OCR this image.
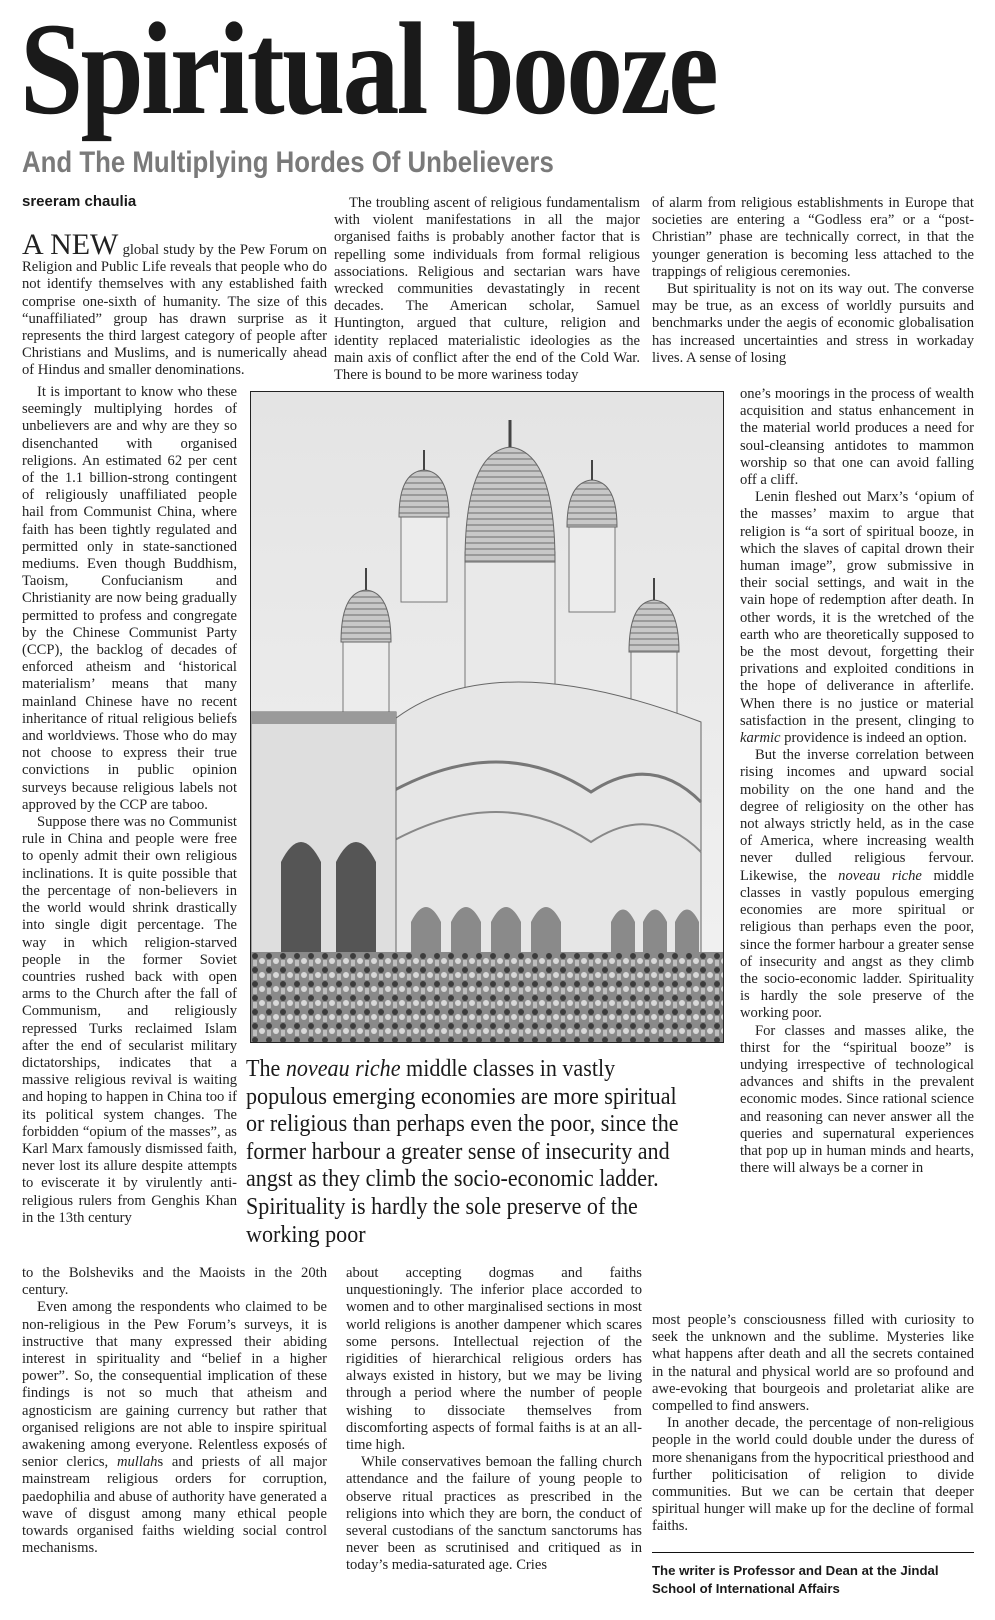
Spiritual booze
And The Multiplying Hordes Of Unbelievers
sreeram chaulia

A NEW global study by the Pew Forum on Religion and Public Life reveals that people who do not identify themselves with any established faith comprise one-sixth of humanity. The size of this “unaffiliated” group has drawn surprise as it represents the third largest category of people after Christians and Muslims, and is numerically ahead of Hindus and smaller denominations.

It is important to know who these seemingly multiplying hordes of unbelievers are and why are they so disenchanted with organised religions. An estimated 62 per cent of the 1.1 billion-strong contingent of religiously unaffiliated people hail from Communist China, where faith has been tightly regulated and permitted only in state-sanctioned mediums. Even though Buddhism, Taoism, Confucianism and Christianity are now being gradually permitted to profess and congregate by the Chinese Communist Party (CCP), the backlog of decades of enforced atheism and ‘historical materialism’ means that many mainland Chinese have no recent inheritance of ritual religious beliefs and worldviews. Those who do may not choose to express their true convictions in public opinion surveys because religious labels not approved by the CCP are taboo.

Suppose there was no Communist rule in China and people were free to openly admit their own religious inclinations. It is quite possible that the percentage of non-believers in the world would shrink drastically into single digit percentage. The way in which religion-starved people in the former Soviet countries rushed back with open arms to the Church after the fall of Communism, and religiously repressed Turks reclaimed Islam after the end of secularist military dictatorships, indicates that a massive religious revival is waiting and hoping to happen in China too if its political system changes. The forbidden “opium of the masses”, as Karl Marx famously dismissed faith, never lost its allure despite attempts to eviscerate it by virulently anti-religious rulers from Genghis Khan in the 13th century

to the Bolsheviks and the Maoists in the 20th century.

Even among the respondents who claimed to be non-religious in the Pew Forum’s surveys, it is instructive that many expressed their abiding interest in spirituality and “belief in a higher power”. So, the consequential implication of these findings is not so much that atheism and agnosticism are gaining currency but rather that organised religions are not able to inspire spiritual awakening among everyone. Relentless exposés of senior clerics, mullahs and priests of all major mainstream religious orders for corruption, paedophilia and abuse of authority have generated a wave of disgust among many ethical people towards organised faiths wielding social control mechanisms.

The troubling ascent of religious fundamentalism with violent manifestations in all the major organised faiths is probably another factor that is repelling some individuals from formal religious associations. Religious and sectarian wars have wrecked communities devastatingly in recent decades. The American scholar, Samuel Huntington, argued that culture, religion and identity replaced materialistic ideologies as the main axis of conflict after the end of the Cold War. There is bound to be more wariness today

about accepting dogmas and faiths unquestioningly. The inferior place accorded to women and to other marginalised sections in most world religions is another dampener which scares some persons. Intellectual rejection of the rigidities of hierarchical religious orders has always existed in history, but we may be living through a period where the number of people wishing to dissociate themselves from discomforting aspects of formal faiths is at an all-time high.

While conservatives bemoan the falling church attendance and the failure of young people to observe ritual practices as prescribed in the religions into which they are born, the conduct of several custodians of the sanctum sanctorums has never been as scrutinised and critiqued as in today’s media-saturated age. Cries

of alarm from religious establishments in Europe that societies are entering a “Godless era” or a “post-Christian” phase are technically correct, in that the younger generation is becoming less attached to the trappings of religious ceremonies.

But spirituality is not on its way out. The converse may be true, as an excess of worldly pursuits and benchmarks under the aegis of economic globalisation has increased uncertainties and stress in workaday lives. A sense of losing

one’s moorings in the process of wealth acquisition and status enhancement in the material world produces a need for soul-cleansing antidotes to mammon worship so that one can avoid falling off a cliff.

Lenin fleshed out Marx’s ‘opium of the masses’ maxim to argue that religion is “a sort of spiritual booze, in which the slaves of capital drown their human image”, grow submissive in their social settings, and wait in the vain hope of redemption after death. In other words, it is the wretched of the earth who are theoretically supposed to be the most devout, forgetting their privations and exploited conditions in the hope of deliverance in afterlife. When there is no justice or material satisfaction in the present, clinging to karmic providence is indeed an option.

But the inverse correlation between rising incomes and upward social mobility on the one hand and the degree of religiosity on the other has not always strictly held, as in the case of America, where increasing wealth never dulled religious fervour. Likewise, the noveau riche middle classes in vastly populous emerging economies are more spiritual or religious than perhaps even the poor, since the former harbour a greater sense of insecurity and angst as they climb the socio-economic ladder. Spirituality is hardly the sole preserve of the working poor.

For classes and masses alike, the thirst for the “spiritual booze” is undying irrespective of technological advances and shifts in the prevalent economic modes. Since rational science and reasoning can never answer all the queries and supernatural experiences that pop up in human minds and hearts, there will always be a corner in

most people’s consciousness filled with curiosity to seek the unknown and the sublime. Mysteries like what happens after death and all the secrets contained in the natural and physical world are so profound and awe-evoking that bourgeois and proletariat alike are compelled to find answers.

In another decade, the percentage of non-religious people in the world could double under the duress of more shenanigans from the hypocritical priesthood and further politicisation of religion to divide communities. But we can be certain that deeper spiritual hunger will make up for the decline of formal faiths.

The noveau riche middle classes in vastly populous emerging economies are more spiritual or religious than perhaps even the poor, since the former harbour a greater sense of insecurity and angst as they climb the socio-economic ladder. Spirituality is hardly the sole preserve of the working poor
The writer is Professor and Dean at the Jindal School of International Affairs
